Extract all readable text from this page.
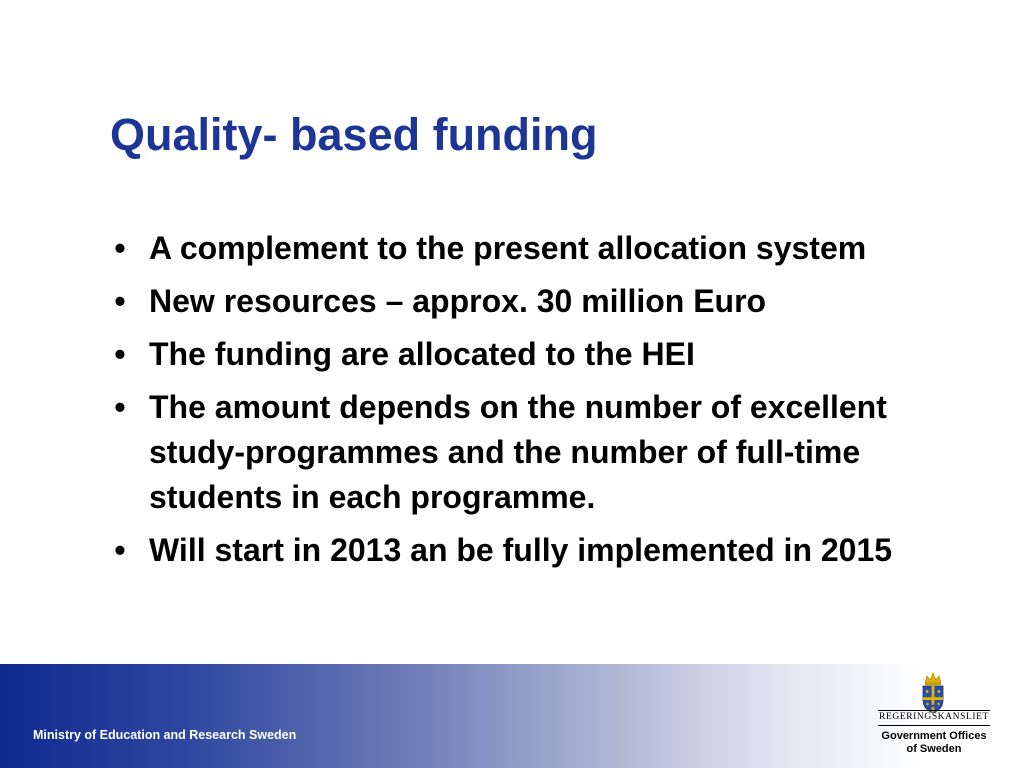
Quality- based funding
• A complement to the present allocation system
• New resources – approx. 30 million Euro
• The funding are allocated to the HEI
• The amount depends on the number of excellent study-programmes and the number of full-time students in each programme.
• Will start in 2013 an be fully implemented in 2015
Ministry of Education and Research Sweden
REGERINGSKANSLIET
Government Offices
of Sweden
